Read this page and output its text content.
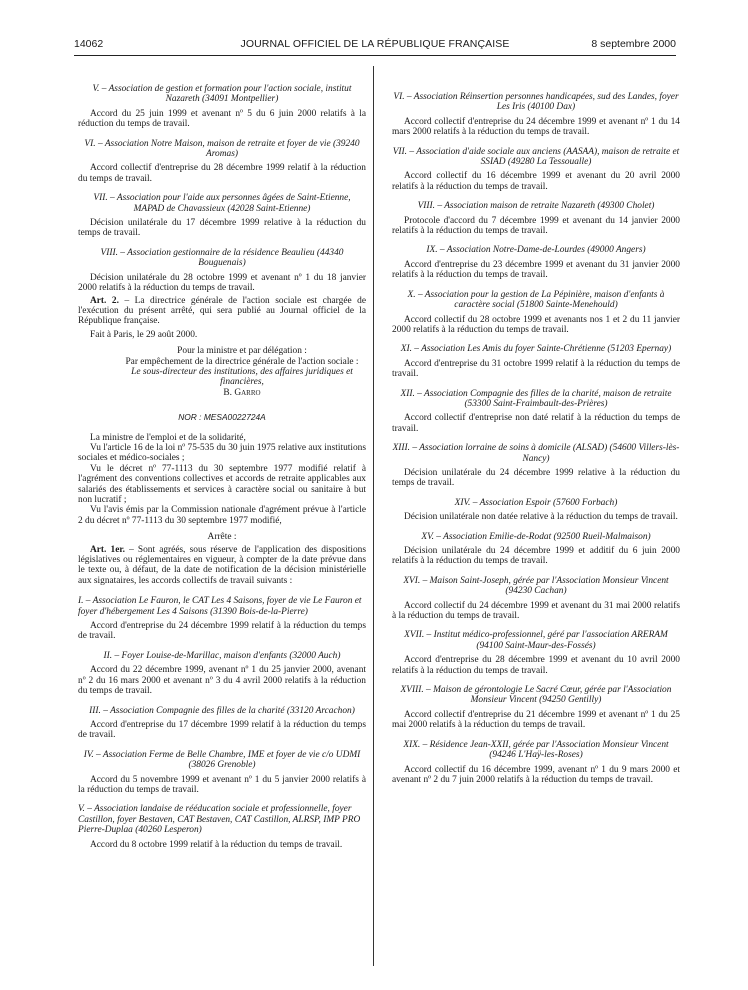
14062	JOURNAL OFFICIEL DE LA RÉPUBLIQUE FRANÇAISE	8 septembre 2000

V. – Association de gestion et formation pour l'action sociale, institut Nazareth (34091 Montpellier)

Accord du 25 juin 1999 et avenant nº 5 du 6 juin 2000 relatifs à la réduction du temps de travail.

VI. – Association Notre Maison, maison de retraite et foyer de vie (39240 Aromas)

Accord collectif d'entreprise du 28 décembre 1999 relatif à la réduction du temps de travail.

VII. – Association pour l'aide aux personnes âgées de Saint-Etienne, MAPAD de Chavassieux (42028 Saint-Etienne)

Décision unilatérale du 17 décembre 1999 relative à la réduction du temps de travail.

VIII. – Association gestionnaire de la résidence Beaulieu (44340 Bouguenais)

Décision unilatérale du 28 octobre 1999 et avenant nº 1 du 18 janvier 2000 relatifs à la réduction du temps de travail.

Art. 2. – La directrice générale de l'action sociale est chargée de l'exécution du présent arrêté, qui sera publié au Journal officiel de la République française.

Fait à Paris, le 29 août 2000.

Pour la ministre et par délégation :
Par empêchement de la directrice générale de l'action sociale :
Le sous-directeur des institutions, des affaires juridiques et financières,
B. Garro

NOR : MESA0022724A

La ministre de l'emploi et de la solidarité,

Vu l'article 16 de la loi nº 75-535 du 30 juin 1975 relative aux institutions sociales et médico-sociales ;

Vu le décret nº 77-1113 du 30 septembre 1977 modifié relatif à l'agrément des conventions collectives et accords de retraite applicables aux salariés des établissements et services à caractère social ou sanitaire à but non lucratif ;

Vu l'avis émis par la Commission nationale d'agrément prévue à l'article 2 du décret nº 77-1113 du 30 septembre 1977 modifié,

Arrête :

Art. 1er. – Sont agréés, sous réserve de l'application des dispositions législatives ou réglementaires en vigueur, à compter de la date prévue dans le texte ou, à défaut, de la date de notification de la décision ministérielle aux signataires, les accords collectifs de travail suivants :

I. – Association Le Fauron, le CAT Les 4 Saisons, foyer de vie Le Fauron et foyer d'hébergement Les 4 Saisons (31390 Bois-de-la-Pierre)

Accord d'entreprise du 24 décembre 1999 relatif à la réduction du temps de travail.

II. – Foyer Louise-de-Marillac, maison d'enfants (32000 Auch)

Accord du 22 décembre 1999, avenant nº 1 du 25 janvier 2000, avenant nº 2 du 16 mars 2000 et avenant nº 3 du 4 avril 2000 relatifs à la réduction du temps de travail.

III. – Association Compagnie des filles de la charité (33120 Arcachon)

Accord d'entreprise du 17 décembre 1999 relatif à la réduction du temps de travail.

IV. – Association Ferme de Belle Chambre, IME et foyer de vie c/o UDMI (38026 Grenoble)

Accord du 5 novembre 1999 et avenant nº 1 du 5 janvier 2000 relatifs à la réduction du temps de travail.

V. – Association landaise de rééducation sociale et professionnelle, foyer Castillon, foyer Bestaven, CAT Bestaven, CAT Castillon, ALRSP, IMP PRO Pierre-Duplaa (40260 Lesperon)

Accord du 8 octobre 1999 relatif à la réduction du temps de travail.

VI. – Association Réinsertion personnes handicapées, sud des Landes, foyer Les Iris (40100 Dax)

Accord collectif d'entreprise du 24 décembre 1999 et avenant nº 1 du 14 mars 2000 relatifs à la réduction du temps de travail.

VII. – Association d'aide sociale aux anciens (AASAA), maison de retraite et SSIAD (49280 La Tessoualle)

Accord collectif du 16 décembre 1999 et avenant du 20 avril 2000 relatifs à la réduction du temps de travail.

VIII. – Association maison de retraite Nazareth (49300 Cholet)

Protocole d'accord du 7 décembre 1999 et avenant du 14 janvier 2000 relatifs à la réduction du temps de travail.

IX. – Association Notre-Dame-de-Lourdes (49000 Angers)

Accord d'entreprise du 23 décembre 1999 et avenant du 31 janvier 2000 relatifs à la réduction du temps de travail.

X. – Association pour la gestion de La Pépinière, maison d'enfants à caractère social (51800 Sainte-Menehould)

Accord collectif du 28 octobre 1999 et avenants nos 1 et 2 du 11 janvier 2000 relatifs à la réduction du temps de travail.

XI. – Association Les Amis du foyer Sainte-Chrétienne (51203 Epernay)

Accord d'entreprise du 31 octobre 1999 relatif à la réduction du temps de travail.

XII. – Association Compagnie des filles de la charité, maison de retraite (53300 Saint-Fraimbault-des-Prières)

Accord collectif d'entreprise non daté relatif à la réduction du temps de travail.

XIII. – Association lorraine de soins à domicile (ALSAD) (54600 Villers-lès-Nancy)

Décision unilatérale du 24 décembre 1999 relative à la réduction du temps de travail.

XIV. – Association Espoir (57600 Forbach)

Décision unilatérale non datée relative à la réduction du temps de travail.

XV. – Association Emilie-de-Rodat (92500 Rueil-Malmaison)

Décision unilatérale du 24 décembre 1999 et additif du 6 juin 2000 relatifs à la réduction du temps de travail.

XVI. – Maison Saint-Joseph, gérée par l'Association Monsieur Vincent (94230 Cachan)

Accord collectif du 24 décembre 1999 et avenant du 31 mai 2000 relatifs à la réduction du temps de travail.

XVII. – Institut médico-professionnel, géré par l'association ARERAM (94100 Saint-Maur-des-Fossés)

Accord d'entreprise du 28 décembre 1999 et avenant du 10 avril 2000 relatifs à la réduction du temps de travail.

XVIII. – Maison de gérontologie Le Sacré Cœur, gérée par l'Association Monsieur Vincent (94250 Gentilly)

Accord collectif d'entreprise du 21 décembre 1999 et avenant nº 1 du 25 mai 2000 relatifs à la réduction du temps de travail.

XIX. – Résidence Jean-XXII, gérée par l'Association Monsieur Vincent (94246 L'Haÿ-les-Roses)

Accord collectif du 16 décembre 1999, avenant nº 1 du 9 mars 2000 et avenant nº 2 du 7 juin 2000 relatifs à la réduction du temps de travail.
